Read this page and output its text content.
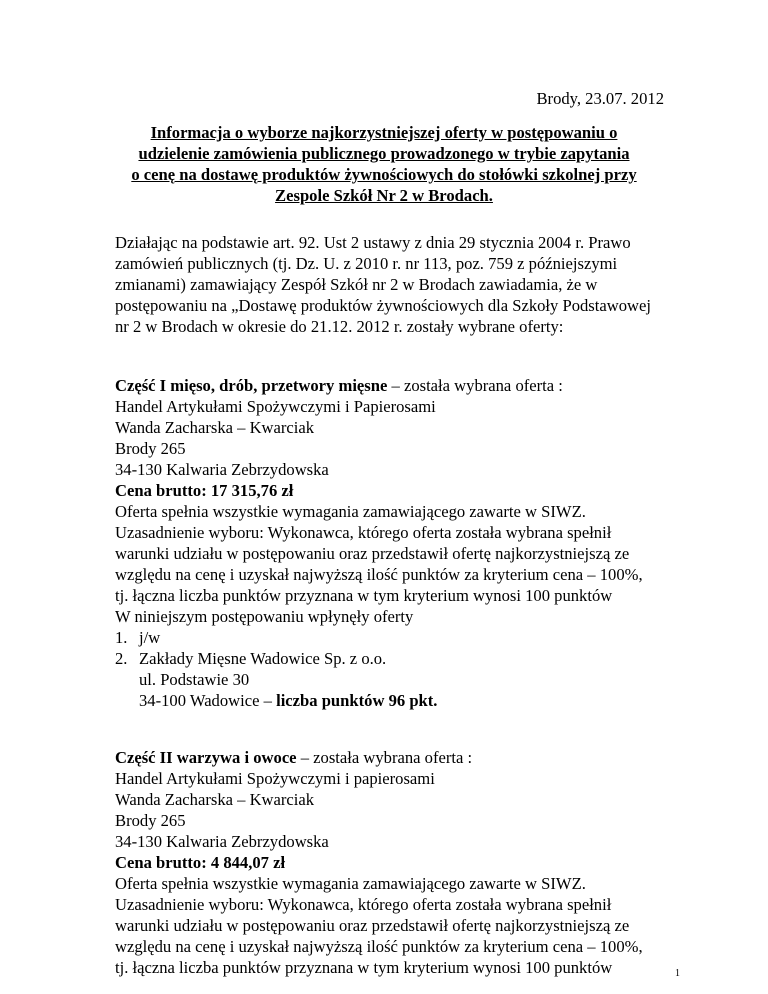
Brody, 23.07. 2012
Informacja o wyborze najkorzystniejszej oferty w postępowaniu o
udzielenie zamówienia publicznego prowadzonego w trybie zapytania
o cenę na dostawę produktów żywnościowych do stołówki szkolnej przy
Zespole Szkół Nr 2 w Brodach.
Działając na podstawie art. 92. Ust 2 ustawy z dnia 29 stycznia 2004 r. Prawo
zamówień publicznych (tj. Dz. U. z 2010 r. nr 113, poz. 759 z późniejszymi
zmianami) zamawiający Zespół Szkół nr 2 w Brodach zawiadamia, że w
postępowaniu na „Dostawę produktów żywnościowych dla Szkoły Podstawowej
nr 2 w Brodach w okresie do 21.12. 2012 r. zostały wybrane oferty:
Część I mięso, drób, przetwory mięsne – została wybrana oferta :
Handel Artykułami Spożywczymi i Papierosami
Wanda Zacharska – Kwarciak
Brody 265
34-130 Kalwaria Zebrzydowska
Cena brutto: 17 315,76 zł
Oferta spełnia wszystkie wymagania zamawiającego zawarte w SIWZ.
Uzasadnienie wyboru: Wykonawca, którego oferta została wybrana spełnił
warunki udziału w postępowaniu oraz przedstawił ofertę najkorzystniejszą ze
względu na cenę i uzyskał najwyższą ilość punktów za kryterium cena – 100%,
tj. łączna liczba punktów przyznana w tym kryterium wynosi 100 punktów
W niniejszym postępowaniu wpłynęły oferty
1. j/w
2. Zakłady Mięsne Wadowice Sp. z o.o.
ul. Podstawie 30
34-100 Wadowice – liczba punktów 96 pkt.
Część II warzywa i owoce – została wybrana oferta :
Handel Artykułami Spożywczymi i papierosami
Wanda Zacharska – Kwarciak
Brody 265
34-130 Kalwaria Zebrzydowska
Cena brutto: 4 844,07 zł
Oferta spełnia wszystkie wymagania zamawiającego zawarte w SIWZ.
Uzasadnienie wyboru: Wykonawca, którego oferta została wybrana spełnił
warunki udziału w postępowaniu oraz przedstawił ofertę najkorzystniejszą ze
względu na cenę i uzyskał najwyższą ilość punktów za kryterium cena – 100%,
tj. łączna liczba punktów przyznana w tym kryterium wynosi 100 punktów	1
